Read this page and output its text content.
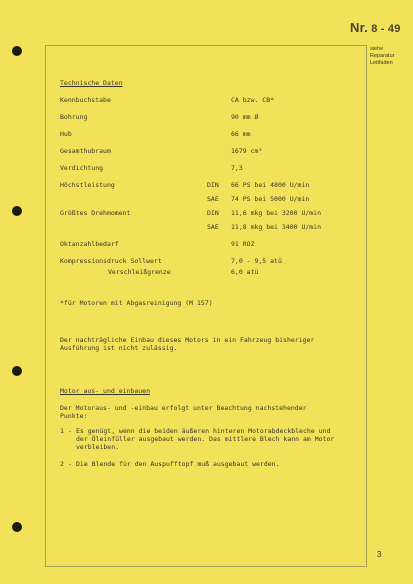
Nr. 8 - 49
siehe
Reparatur
Leitfaden
Technische Daten
Kennbuchstabe	CA bzw. CB*
Bohrung	90 mm Ø
Hub	66 mm
Gesamthubraum	1679 cm³
Verdichtung	7,3
Höchstleistung	DIN 66 PS bei 4800 U/min
SAE 74 PS bei 5000 U/min
Größtes Drehmoment	DIN 11,6 mkg bei 3200 U/min
SAE 11,8 mkg bei 3400 U/min
Oktanzahlbedarf	91 ROZ
Kompressionsdruck Sollwert	7,0 - 9,5 atü
Verschleißgrenze	6,0 atü
*für Motoren mit Abgasreinigung (M 157)
Der nachträgliche Einbau dieses Motors in ein Fahrzeug bisheriger Ausführung ist nicht zulässig.
Motor aus- und einbauen
Der Motoraus- und -einbau erfolgt unter Beachtung nachstehender Punkte:
1 - Es genügt, wenn die beiden äußeren hinteren Motorabdeckbleche und der Öleinfüller ausgebaut werden. Das mittlere Blech kann am Motor verbleiben.
2 - Die Blende für den Auspufftopf muß ausgebaut werden.
3
